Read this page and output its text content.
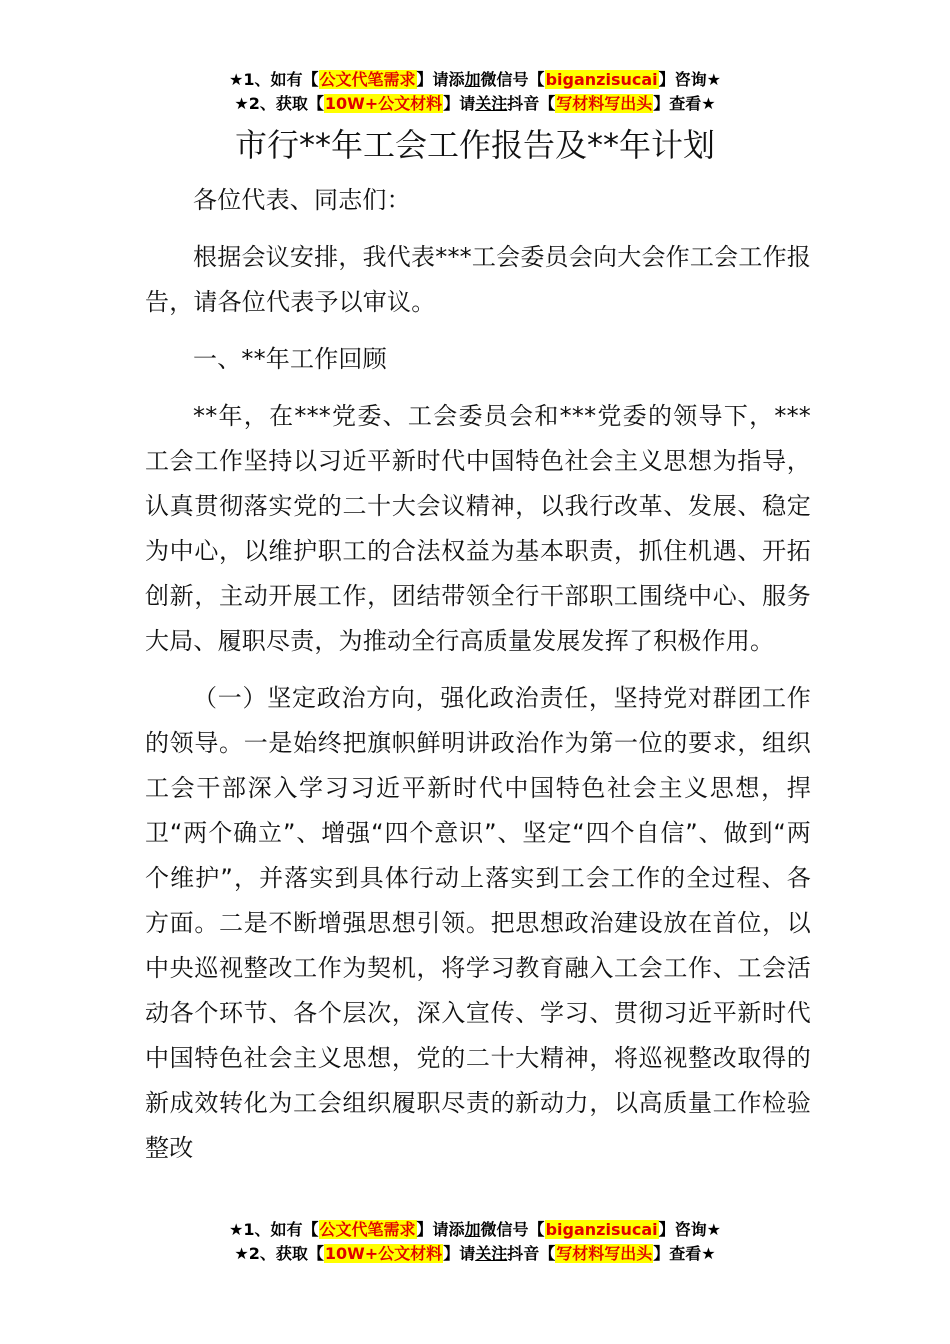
★1、如有【公文代笔需求】请添加微信号【biganzisucai】咨询★
★2、获取【10W+公文材料】请关注抖音【写材料写出头】查看★
市行**年工会工作报告及**年计划

各位代表、同志们：

根据会议安排，我代表***工会委员会向大会作工会工作报告，请各位代表予以审议。

一、**年工作回顾

**年，在***党委、工会委员会和***党委的领导下，***工会工作坚持以习近平新时代中国特色社会主义思想为指导，认真贯彻落实党的二十大会议精神，以我行改革、发展、稳定为中心，以维护职工的合法权益为基本职责，抓住机遇、开拓创新，主动开展工作，团结带领全行干部职工围绕中心、服务大局、履职尽责，为推动全行高质量发展发挥了积极作用。

（一）坚定政治方向，强化政治责任，坚持党对群团工作的领导。一是始终把旗帜鲜明讲政治作为第一位的要求，组织工会干部深入学习习近平新时代中国特色社会主义思想，捍卫“两个确立”、增强“四个意识”、坚定“四个自信”、做到“两个维护”，并落实到具体行动上落实到工会工作的全过程、各方面。二是不断增强思想引领。把思想政治建设放在首位，以中央巡视整改工作为契机，将学习教育融入工会工作、工会活动各个环节、各个层次，深入宣传、学习、贯彻习近平新时代中国特色社会主义思想，党的二十大精神，将巡视整改取得的新成效转化为工会组织履职尽责的新动力，以高质量工作检验整改

★1、如有【公文代笔需求】请添加微信号【biganzisucai】咨询★
★2、获取【10W+公文材料】请关注抖音【写材料写出头】查看★
